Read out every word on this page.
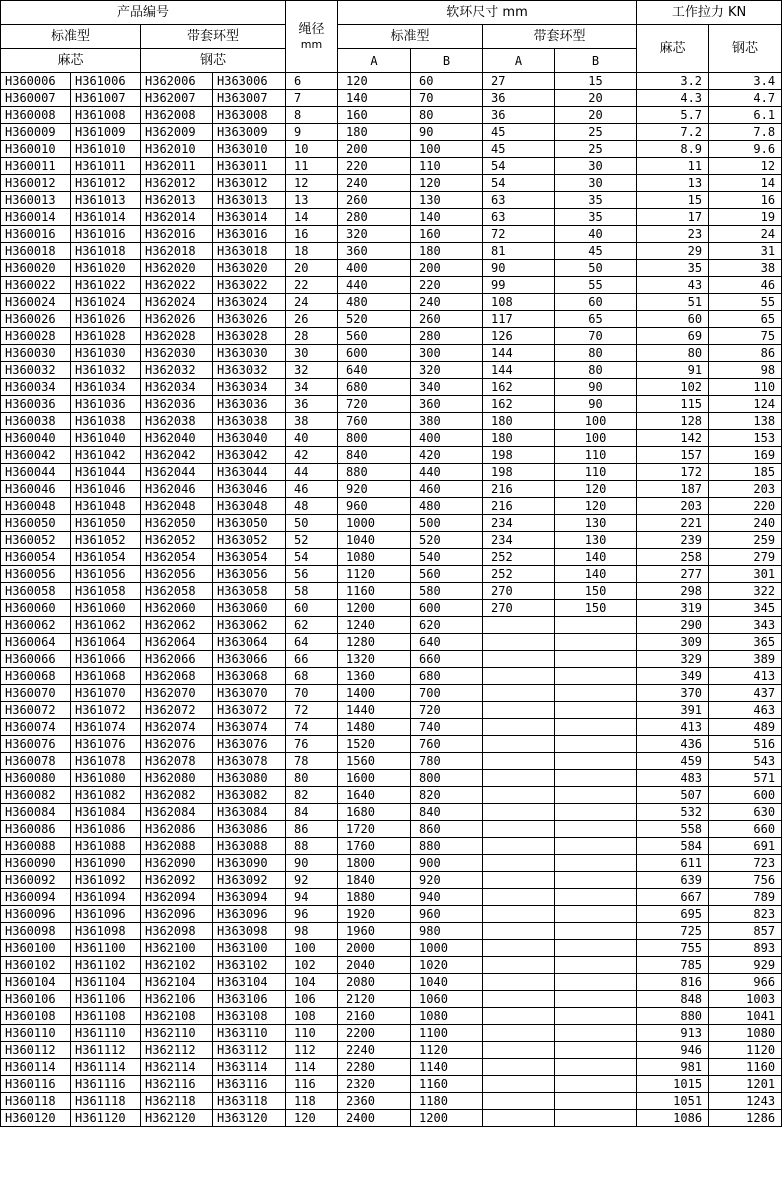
产品编号				绳径
mm	软环尺寸 mm				工作拉力 KN	
标准型		带套环型			标准型		带套环型		麻芯	钢芯
麻芯		钢芯			A	B	A	B		
H360006	H361006	H362006	H363006	6	120	60	27	15	3.2	3.4
H360007	H361007	H362007	H363007	7	140	70	36	20	4.3	4.7
H360008	H361008	H362008	H363008	8	160	80	36	20	5.7	6.1
H360009	H361009	H362009	H363009	9	180	90	45	25	7.2	7.8
H360010	H361010	H362010	H363010	10	200	100	45	25	8.9	9.6
H360011	H361011	H362011	H363011	11	220	110	54	30	11	12
H360012	H361012	H362012	H363012	12	240	120	54	30	13	14
H360013	H361013	H362013	H363013	13	260	130	63	35	15	16
H360014	H361014	H362014	H363014	14	280	140	63	35	17	19
H360016	H361016	H362016	H363016	16	320	160	72	40	23	24
H360018	H361018	H362018	H363018	18	360	180	81	45	29	31
H360020	H361020	H362020	H363020	20	400	200	90	50	35	38
H360022	H361022	H362022	H363022	22	440	220	99	55	43	46
H360024	H361024	H362024	H363024	24	480	240	108	60	51	55
H360026	H361026	H362026	H363026	26	520	260	117	65	60	65
H360028	H361028	H362028	H363028	28	560	280	126	70	69	75
H360030	H361030	H362030	H363030	30	600	300	144	80	80	86
H360032	H361032	H362032	H363032	32	640	320	144	80	91	98
H360034	H361034	H362034	H363034	34	680	340	162	90	102	110
H360036	H361036	H362036	H363036	36	720	360	162	90	115	124
H360038	H361038	H362038	H363038	38	760	380	180	100	128	138
H360040	H361040	H362040	H363040	40	800	400	180	100	142	153
H360042	H361042	H362042	H363042	42	840	420	198	110	157	169
H360044	H361044	H362044	H363044	44	880	440	198	110	172	185
H360046	H361046	H362046	H363046	46	920	460	216	120	187	203
H360048	H361048	H362048	H363048	48	960	480	216	120	203	220
H360050	H361050	H362050	H363050	50	1000	500	234	130	221	240
H360052	H361052	H362052	H363052	52	1040	520	234	130	239	259
H360054	H361054	H362054	H363054	54	1080	540	252	140	258	279
H360056	H361056	H362056	H363056	56	1120	560	252	140	277	301
H360058	H361058	H362058	H363058	58	1160	580	270	150	298	322
H360060	H361060	H362060	H363060	60	1200	600	270	150	319	345
H360062	H361062	H362062	H363062	62	1240	620			290	343
H360064	H361064	H362064	H363064	64	1280	640			309	365
H360066	H361066	H362066	H363066	66	1320	660			329	389
H360068	H361068	H362068	H363068	68	1360	680			349	413
H360070	H361070	H362070	H363070	70	1400	700			370	437
H360072	H361072	H362072	H363072	72	1440	720			391	463
H360074	H361074	H362074	H363074	74	1480	740			413	489
H360076	H361076	H362076	H363076	76	1520	760			436	516
H360078	H361078	H362078	H363078	78	1560	780			459	543
H360080	H361080	H362080	H363080	80	1600	800			483	571
H360082	H361082	H362082	H363082	82	1640	820			507	600
H360084	H361084	H362084	H363084	84	1680	840			532	630
H360086	H361086	H362086	H363086	86	1720	860			558	660
H360088	H361088	H362088	H363088	88	1760	880			584	691
H360090	H361090	H362090	H363090	90	1800	900			611	723
H360092	H361092	H362092	H363092	92	1840	920			639	756
H360094	H361094	H362094	H363094	94	1880	940			667	789
H360096	H361096	H362096	H363096	96	1920	960			695	823
H360098	H361098	H362098	H363098	98	1960	980			725	857
H360100	H361100	H362100	H363100	100	2000	1000			755	893
H360102	H361102	H362102	H363102	102	2040	1020			785	929
H360104	H361104	H362104	H363104	104	2080	1040			816	966
H360106	H361106	H362106	H363106	106	2120	1060			848	1003
H360108	H361108	H362108	H363108	108	2160	1080			880	1041
H360110	H361110	H362110	H363110	110	2200	1100			913	1080
H360112	H361112	H362112	H363112	112	2240	1120			946	1120
H360114	H361114	H362114	H363114	114	2280	1140			981	1160
H360116	H361116	H362116	H363116	116	2320	1160			1015	1201
H360118	H361118	H362118	H363118	118	2360	1180			1051	1243
H360120	H361120	H362120	H363120	120	2400	1200			1086	1286
